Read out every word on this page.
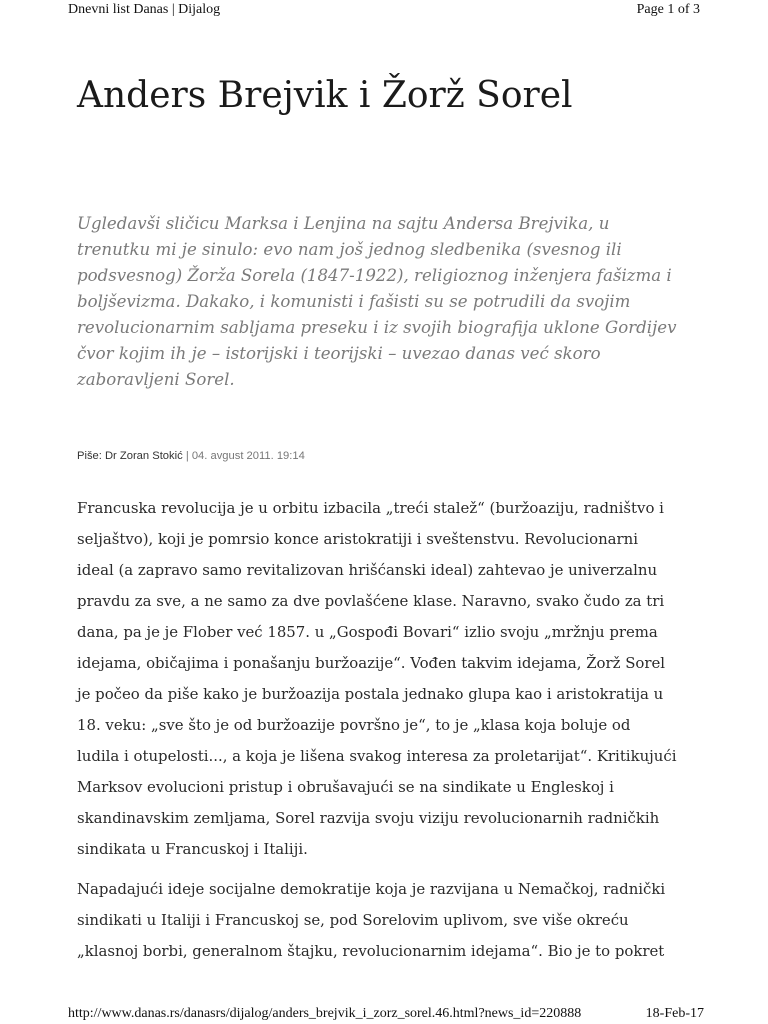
Dnevni list Danas | Dijalog	Page 1 of 3
Anders Brejvik i Žorž Sorel

Ugledavši sličicu Marksa i Lenjina na sajtu Andersa Brejvika, u trenutku mi je sinulo: evo nam još jednog sledbenika (svesnog ili podsvesnog) Žorža Sorela (1847-1922), religioznog inženjera fašizma i boljševizma. Dakako, i komunisti i fašisti su se potrudili da svojim revolucionarnim sabljama preseku i iz svojih biografija uklone Gordijev čvor kojim ih je – istorijski i teorijski – uvezao danas već skoro zaboravljeni Sorel.

Piše: Dr Zoran Stokić | 04. avgust 2011. 19:14

Francuska revolucija je u orbitu izbacila „treći stalež“ (buržoaziju, radništvo i seljaštvo), koji je pomrsio konce aristokratiji i sveštenstvu. Revolucionarni ideal (a zapravo samo revitalizovan hrišćanski ideal) zahtevao je univerzalnu pravdu za sve, a ne samo za dve povlašćene klase. Naravno, svako čudo za tri dana, pa je je Flober već 1857. u „Gospođi Bovari“ izlio svoju „mržnju prema idejama, običajima i ponašanju buržoazije“. Vođen takvim idejama, Žorž Sorel je počeo da piše kako je buržoazija postala jednako glupa kao i aristokratija u 18. veku: „sve što je od buržoazije površno je“, to je „klasa koja boluje od ludila i otupelosti..., a koja je lišena svakog interesa za proletarijat“. Kritikujući Marksov evolucioni pristup i obrušavajući se na sindikate u Engleskoj i skandinavskim zemljama, Sorel razvija svoju viziju revolucionarnih radničkih sindikata u Francuskoj i Italiji.

Napadajući ideje socijalne demokratije koja je razvijana u Nemačkoj, radnički sindikati u Italiji i Francuskoj se, pod Sorelovim uplivom, sve više okreću „klasnoj borbi, generalnom štajku, revolucionarnim idejama“. Bio je to pokret

http://www.danas.rs/danasrs/dijalog/anders_brejvik_i_zorz_sorel.46.html?news_id=220888	18-Feb-17
